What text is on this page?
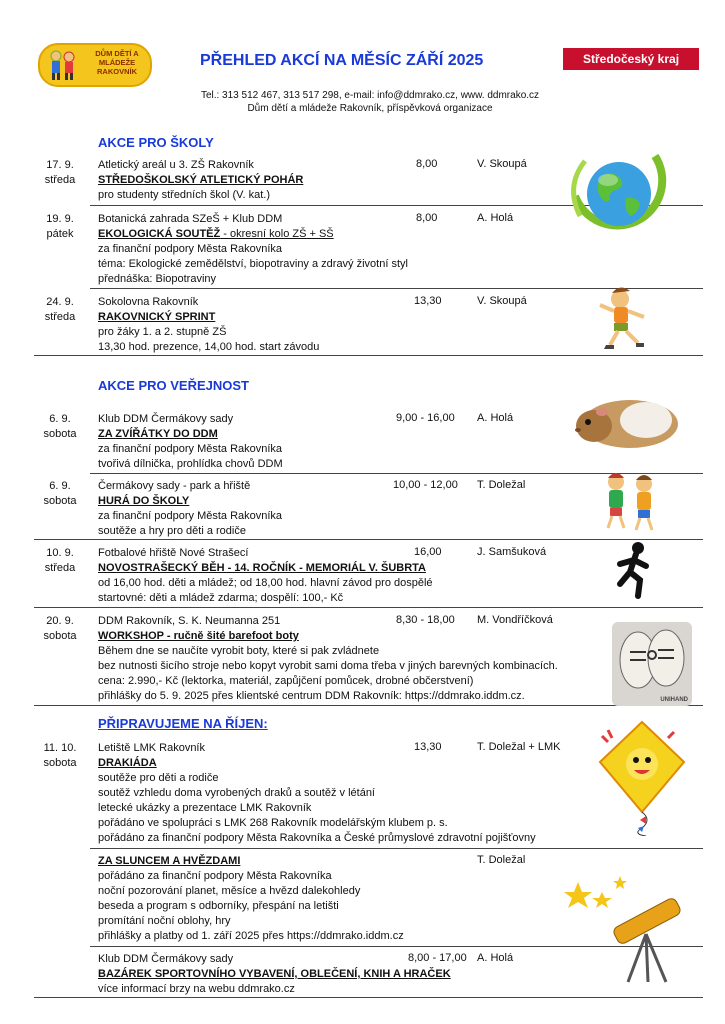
DŮM DĚTÍ A MLÁDEŽE RAKOVNÍK
PŘEHLED AKCÍ NA MĚSÍC ZÁŘÍ 2025	Středočeský kraj
Tel.: 313 512 467, 313 517 298, e-mail: info@ddmrako.cz, www. ddmrako.cz
Dům dětí a mládeže Rakovník, příspěvková organizace
AKCE PRO ŠKOLY
17. 9.
středa
Atletický areál u 3. ZŠ Rakovník
STŘEDOŠKOLSKÝ ATLETICKÝ POHÁR
pro studenty středních škol (V. kat.)
8,00	V. Skoupá
19. 9.
pátek
Botanická zahrada SZeŠ + Klub DDM
EKOLOGICKÁ SOUTĚŽ - okresní kolo ZŠ + SŠ
za finanční podpory Města Rakovníka
téma: Ekologické zemědělství, biopotraviny a zdravý životní styl
přednáška: Biopotraviny
8,00	A. Holá
24. 9.
středa
Sokolovna Rakovník
RAKOVNICKÝ SPRINT
pro žáky 1. a 2. stupně ZŠ
13,30 hod. prezence, 14,00 hod. start závodu
13,30	V. Skoupá
AKCE PRO VEŘEJNOST
6. 9.
sobota
Klub DDM Čermákovy sady
ZA ZVÍŘÁTKY DO DDM
za finanční podpory Města Rakovníka
tvořivá dílnička, prohlídka chovů DDM
9,00 - 16,00 A. Holá
6. 9.
sobota
Čermákovy sady - park a hřiště
HURÁ DO ŠKOLY
za finanční podpory Města Rakovníka
soutěže a hry pro děti a rodiče
10,00 - 12,00 T. Doležal
10. 9.
středa
Fotbalové hřiště Nové Strašecí
NOVOSTRAŠECKÝ BĚH - 14. ROČNÍK - MEMORIÁL V. ŠUBRTA
od 16,00 hod. děti a mládež; od 18,00 hod. hlavní závod pro dospělé
startovné: děti a mládež zdarma; dospělí: 100,- Kč
16,00	J. Samšuková
20. 9.
sobota
DDM Rakovník, S. K. Neumanna 251
WORKSHOP - ručně šité barefoot boty
Během dne se naučíte vyrobit boty, které si pak zvládnete
bez nutnosti šicího stroje nebo kopyt vyrobit sami doma třeba v jiných barevných kombinacích.
cena: 2.990,- Kč (lektorka, materiál, zapůjčení pomůcek, drobné občerstvení)
přihlášky do 5. 9. 2025 přes klientské centrum DDM Rakovník: https://ddmrako.iddm.cz.
8,30 - 18,00 M. Vondříčková
PŘIPRAVUJEME NA ŘÍJEN:
11. 10.
sobota
Letiště LMK Rakovník
DRAKIÁDA
soutěže pro děti a rodiče
soutěž vzhledu doma vyrobených draků a soutěž v létání
letecké ukázky a prezentace LMK Rakovník
pořádáno ve spolupráci s LMK 268 Rakovník modelářským klubem p. s.
pořádáno za finanční podpory Města Rakovníka a České průmyslové zdravotní pojišťovny
13,30	T. Doležal + LMK
ZA SLUNCEM A HVĚZDAMI
pořádáno za finanční podpory Města Rakovníka
noční pozorování planet, měsíce a hvězd dalekohledy
beseda a program s odborníky, přespání na letišti
promítání noční oblohy, hry
přihlášky a platby od 1. září 2025 přes https://ddmrako.iddm.cz
T. Doležal
Klub DDM Čermákovy sady
BAZÁREK SPORTOVNÍHO VYBAVENÍ, OBLEČENÍ, KNIH A HRAČEK
více informací brzy na webu ddmrako.cz
8,00 - 17,00 A. Holá
UNIHAND
